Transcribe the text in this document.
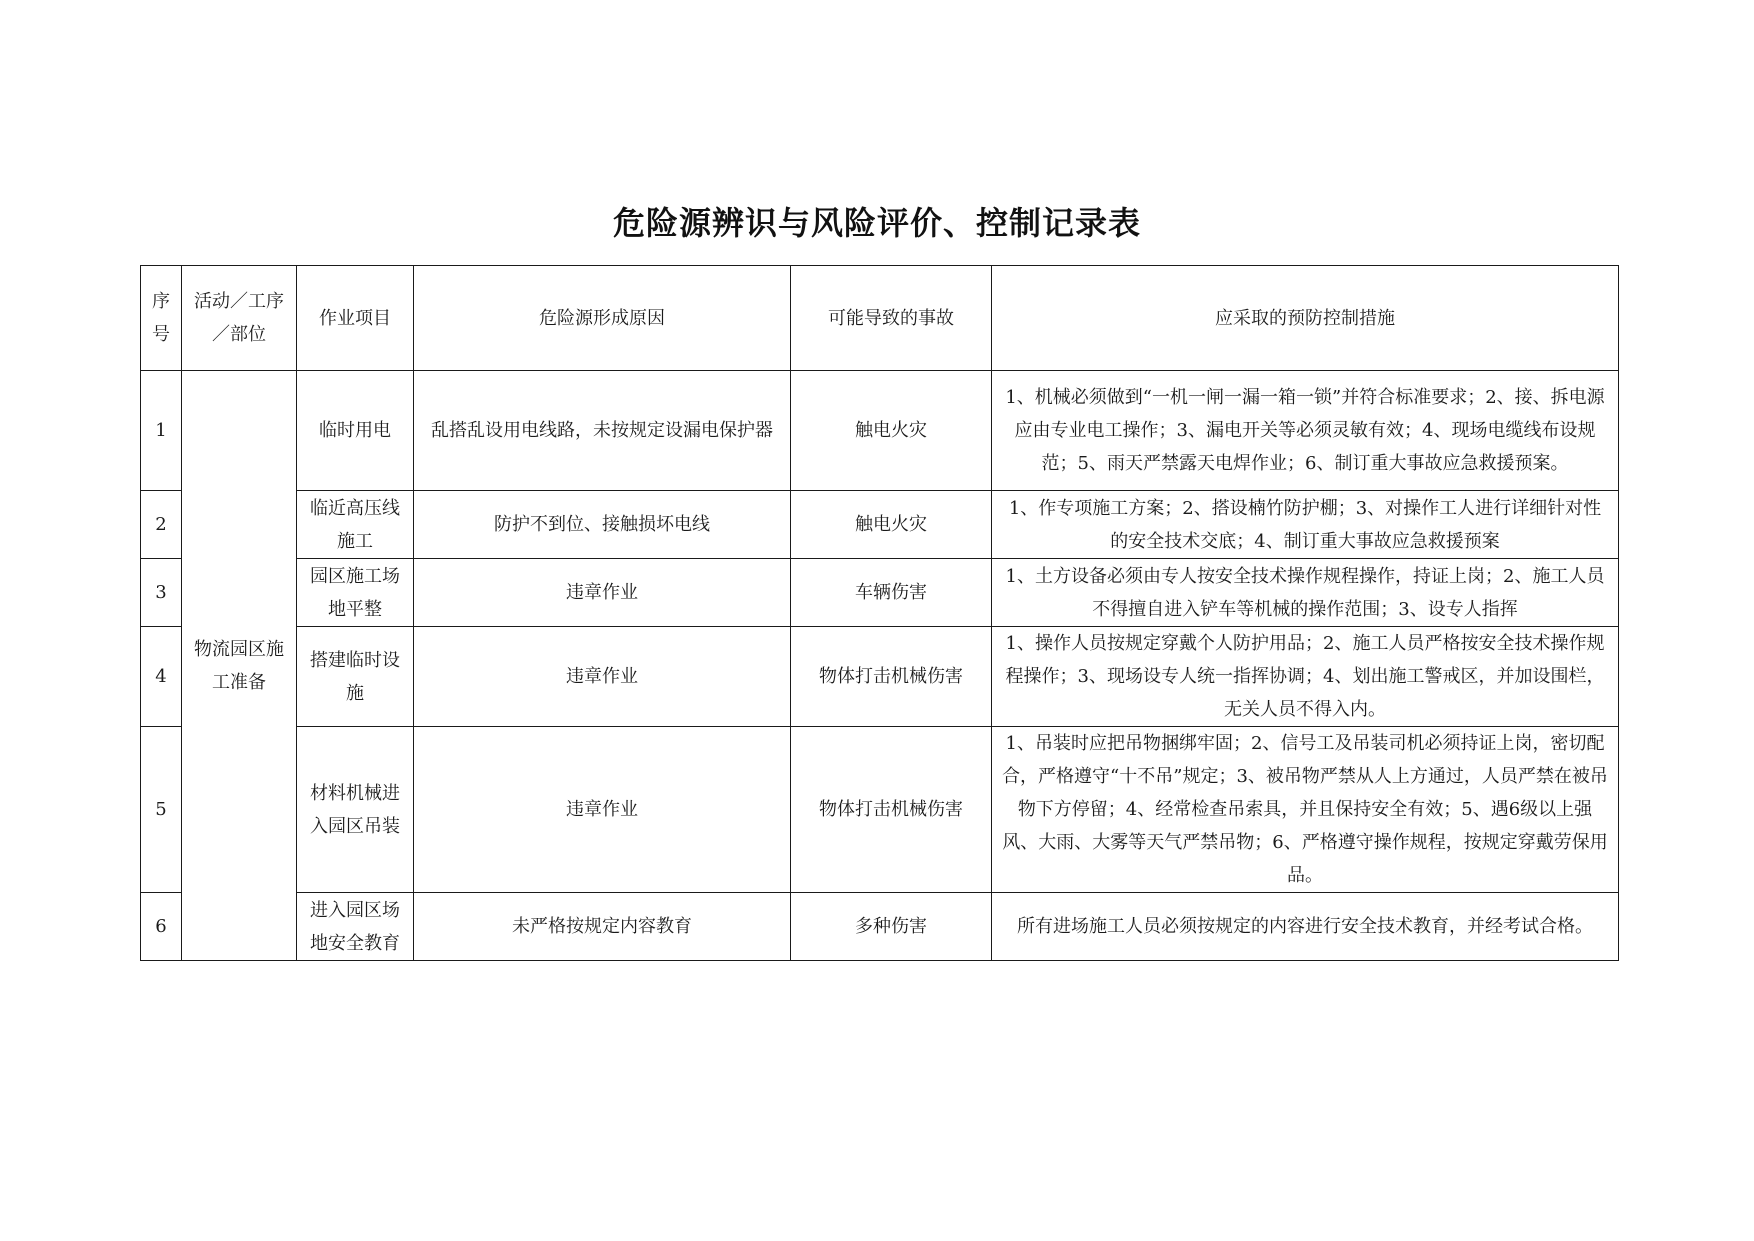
危险源辨识与风险评价、控制记录表
序号	活动／工序／部位	作业项目	危险源形成原因	可能导致的事故	应采取的预防控制措施
1	物流园区施工准备	临时用电	乱搭乱设用电线路，未按规定设漏电保护器	触电火灾	1、机械必须做到“一机一闸一漏一箱一锁”并符合标准要求；2、接、拆电源应由专业电工操作；3、漏电开关等必须灵敏有效；4、现场电缆线布设规范；5、雨天严禁露天电焊作业；6、制订重大事故应急救援预案。
2		临近高压线施工	防护不到位、接触损坏电线	触电火灾	1、作专项施工方案；2、搭设楠竹防护棚；3、对操作工人进行详细针对性的安全技术交底；4、制订重大事故应急救援预案
3		园区施工场地平整	违章作业	车辆伤害	1、土方设备必须由专人按安全技术操作规程操作，持证上岗；2、施工人员不得擅自进入铲车等机械的操作范围；3、设专人指挥
4		搭建临时设施	违章作业	物体打击机械伤害	1、操作人员按规定穿戴个人防护用品；2、施工人员严格按安全技术操作规程操作；3、现场设专人统一指挥协调；4、划出施工警戒区，并加设围栏，无关人员不得入内。
5		材料机械进入园区吊装	违章作业	物体打击机械伤害	1、吊装时应把吊物捆绑牢固；2、信号工及吊装司机必须持证上岗，密切配合，严格遵守“十不吊”规定；3、被吊物严禁从人上方通过，人员严禁在被吊物下方停留；4、经常检查吊索具，并且保持安全有效；5、遇6级以上强风、大雨、大雾等天气严禁吊物；6、严格遵守操作规程，按规定穿戴劳保用品。
6		进入园区场地安全教育	未严格按规定内容教育	多种伤害	所有进场施工人员必须按规定的内容进行安全技术教育，并经考试合格。
